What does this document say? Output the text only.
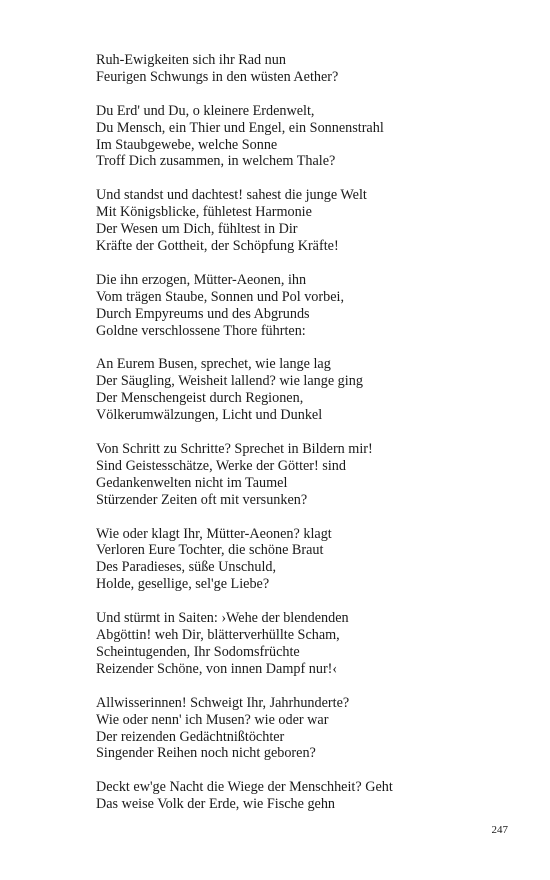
Ruh-Ewigkeiten sich ihr Rad nun
Feurigen Schwungs in den wüsten Aether?
Du Erd' und Du, o kleinere Erdenwelt,
Du Mensch, ein Thier und Engel, ein Sonnenstrahl
Im Staubgewebe, welche Sonne
Troff Dich zusammen, in welchem Thale?
Und standst und dachtest! sahest die junge Welt
Mit Königsblicke, fühletest Harmonie
Der Wesen um Dich, fühltest in Dir
Kräfte der Gottheit, der Schöpfung Kräfte!
Die ihn erzogen, Mütter-Aeonen, ihn
Vom trägen Staube, Sonnen und Pol vorbei,
Durch Empyreums und des Abgrunds
Goldne verschlossene Thore führten:
An Eurem Busen, sprechet, wie lange lag
Der Säugling, Weisheit lallend? wie lange ging
Der Menschengeist durch Regionen,
Völkerumwälzungen, Licht und Dunkel
Von Schritt zu Schritte? Sprechet in Bildern mir!
Sind Geistesschätze, Werke der Götter! sind
Gedankenwelten nicht im Taumel
Stürzender Zeiten oft mit versunken?
Wie oder klagt Ihr, Mütter-Aeonen? klagt
Verloren Eure Tochter, die schöne Braut
Des Paradieses, süße Unschuld,
Holde, gesellige, sel'ge Liebe?
Und stürmt in Saiten: ›Wehe der blendenden
Abgöttin! weh Dir, blätterverhüllte Scham,
Scheintugenden, Ihr Sodomsfrüchte
Reizender Schöne, von innen Dampf nur!‹
Allwisserinnen! Schweigt Ihr, Jahrhunderte?
Wie oder nenn' ich Musen? wie oder war
Der reizenden Gedächtnißtöchter
Singender Reihen noch nicht geboren?
Deckt ew'ge Nacht die Wiege der Menschheit? Geht
Das weise Volk der Erde, wie Fische gehn
247
